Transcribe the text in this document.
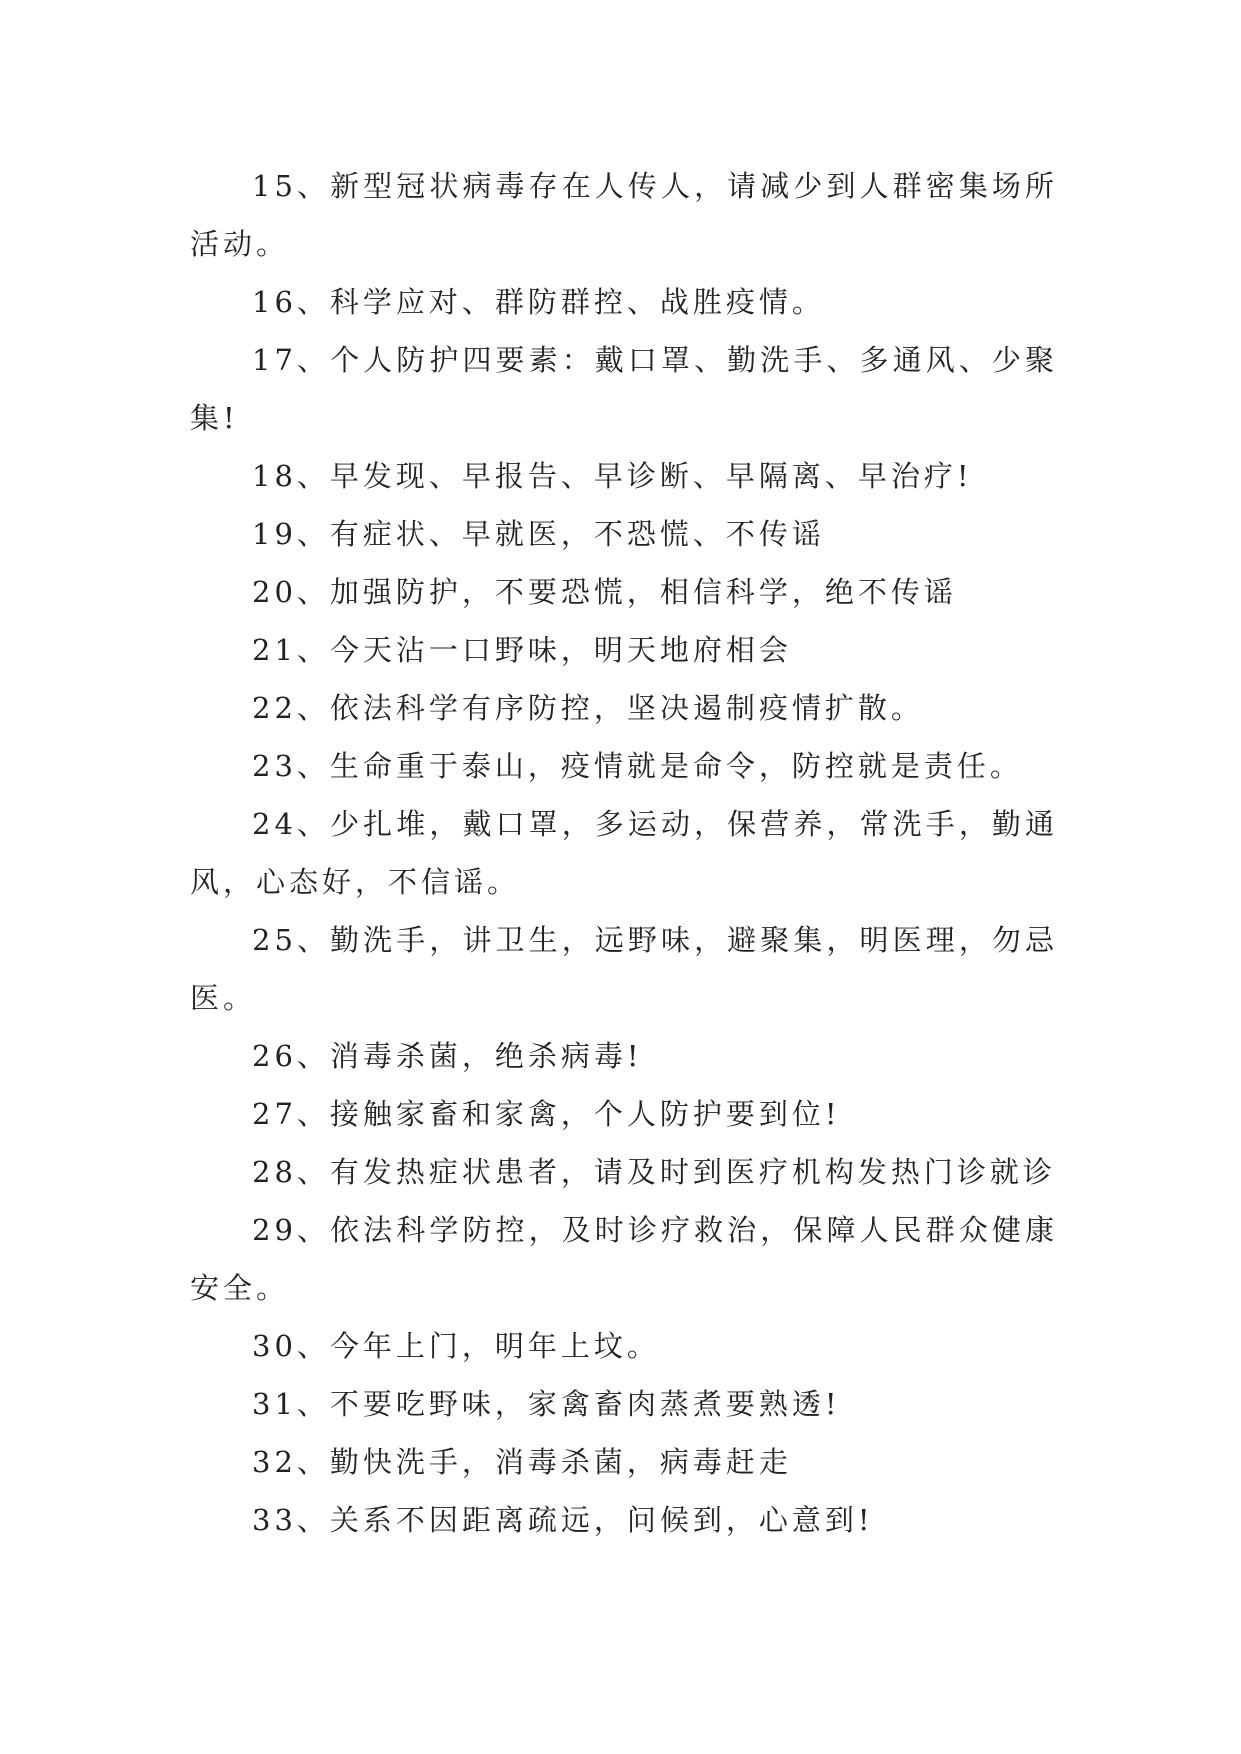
15、新型冠状病毒存在人传人，请减少到人群密集场所活动。

16、科学应对、群防群控、战胜疫情。

17、个人防护四要素：戴口罩、勤洗手、多通风、少聚集!

18、早发现、早报告、早诊断、早隔离、早治疗!

19、有症状、早就医，不恐慌、不传谣

20、加强防护，不要恐慌，相信科学，绝不传谣

21、今天沾一口野味，明天地府相会

22、依法科学有序防控，坚决遏制疫情扩散。

23、生命重于泰山，疫情就是命令，防控就是责任。

24、少扎堆，戴口罩，多运动，保营养，常洗手，勤通风，心态好，不信谣。

25、勤洗手，讲卫生，远野味，避聚集，明医理，勿忌医。

26、消毒杀菌，绝杀病毒!

27、接触家畜和家禽，个人防护要到位!

28、有发热症状患者，请及时到医疗机构发热门诊就诊

29、依法科学防控，及时诊疗救治，保障人民群众健康安全。

30、今年上门，明年上坟。

31、不要吃野味，家禽畜肉蒸煮要熟透!

32、勤快洗手，消毒杀菌，病毒赶走

33、关系不因距离疏远，问候到，心意到!
